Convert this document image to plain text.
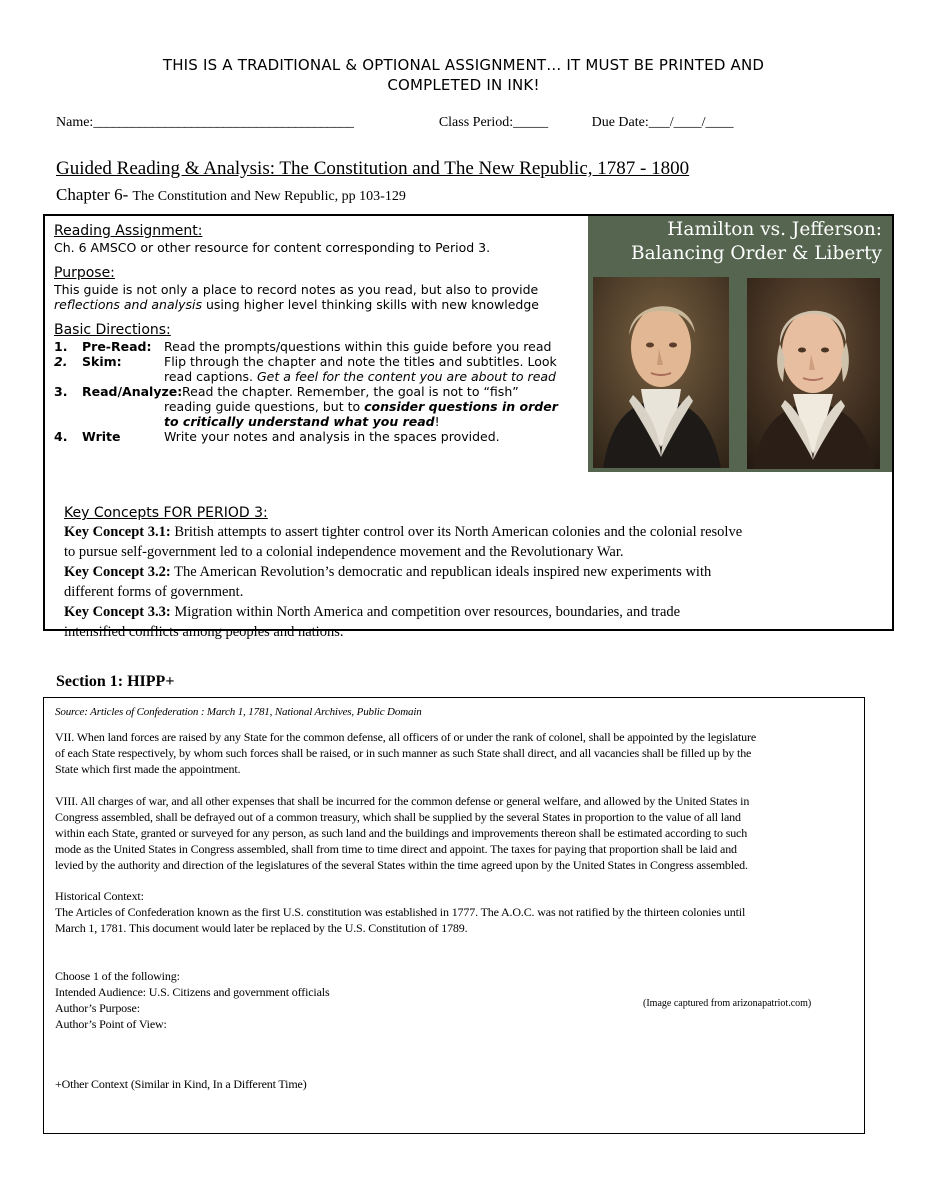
THIS IS A TRADITIONAL & OPTIONAL ASSIGNMENT… IT MUST BE PRINTED AND
COMPLETED IN INK!
Name:________________________________________	Class Period:_____	Due Date:___/____/____
Guided Reading & Analysis: The Constitution and The New Republic, 1787 - 1800
Chapter 6- The Constitution and New Republic, pp 103-129
Reading Assignment:
Ch. 6 AMSCO or other resource for content corresponding to Period 3.
Purpose:
This guide is not only a place to record notes as you read, but also to provide
reflections and analysis using higher level thinking skills with new knowledge
Basic Directions:
1. Pre-Read: Read the prompts/questions within this guide before you read
2. Skim:	Flip through the chapter and note the titles and subtitles. Look
read captions. Get a feel for the content you are about to read
3. Read/Analyze: Read the chapter. Remember, the goal is not to “fish”
reading guide questions, but to consider questions in order
to critically understand what you read!
4. Write	Write your notes and analysis in the spaces provided.
Key Concepts FOR PERIOD 3:
Key Concept 3.1: British attempts to assert tighter control over its North American colonies and the colonial resolve
to pursue self-government led to a colonial independence movement and the Revolutionary War.
Key Concept 3.2: The American Revolution’s democratic and republican ideals inspired new experiments with
different forms of government.
Key Concept 3.3: Migration within North America and competition over resources, boundaries, and trade
intensified conflicts among peoples and nations.
Hamilton vs. Jefferson:
Balancing Order & Liberty
Section 1: HIPP+
Source: Articles of Confederation : March 1, 1781, National Archives, Public Domain
VII. When land forces are raised by any State for the common defense, all officers of or under the rank of colonel, shall be appointed by the legislature
of each State respectively, by whom such forces shall be raised, or in such manner as such State shall direct, and all vacancies shall be filled up by the
State which first made the appointment.
VIII. All charges of war, and all other expenses that shall be incurred for the common defense or general welfare, and allowed by the United States in
Congress assembled, shall be defrayed out of a common treasury, which shall be supplied by the several States in proportion to the value of all land
within each State, granted or surveyed for any person, as such land and the buildings and improvements thereon shall be estimated according to such
mode as the United States in Congress assembled, shall from time to time direct and appoint. The taxes for paying that proportion shall be laid and
levied by the authority and direction of the legislatures of the several States within the time agreed upon by the United States in Congress assembled.
Historical Context:
The Articles of Confederation known as the first U.S. constitution was established in 1777. The A.O.C. was not ratified by the thirteen colonies until
March 1, 1781. This document would later be replaced by the U.S. Constitution of 1789.
Choose 1 of the following:
Intended Audience: U.S. Citizens and government officials
Author’s Purpose:
Author’s Point of View:
+Other Context (Similar in Kind, In a Different Time)
(Image captured from arizonapatriot.com)
